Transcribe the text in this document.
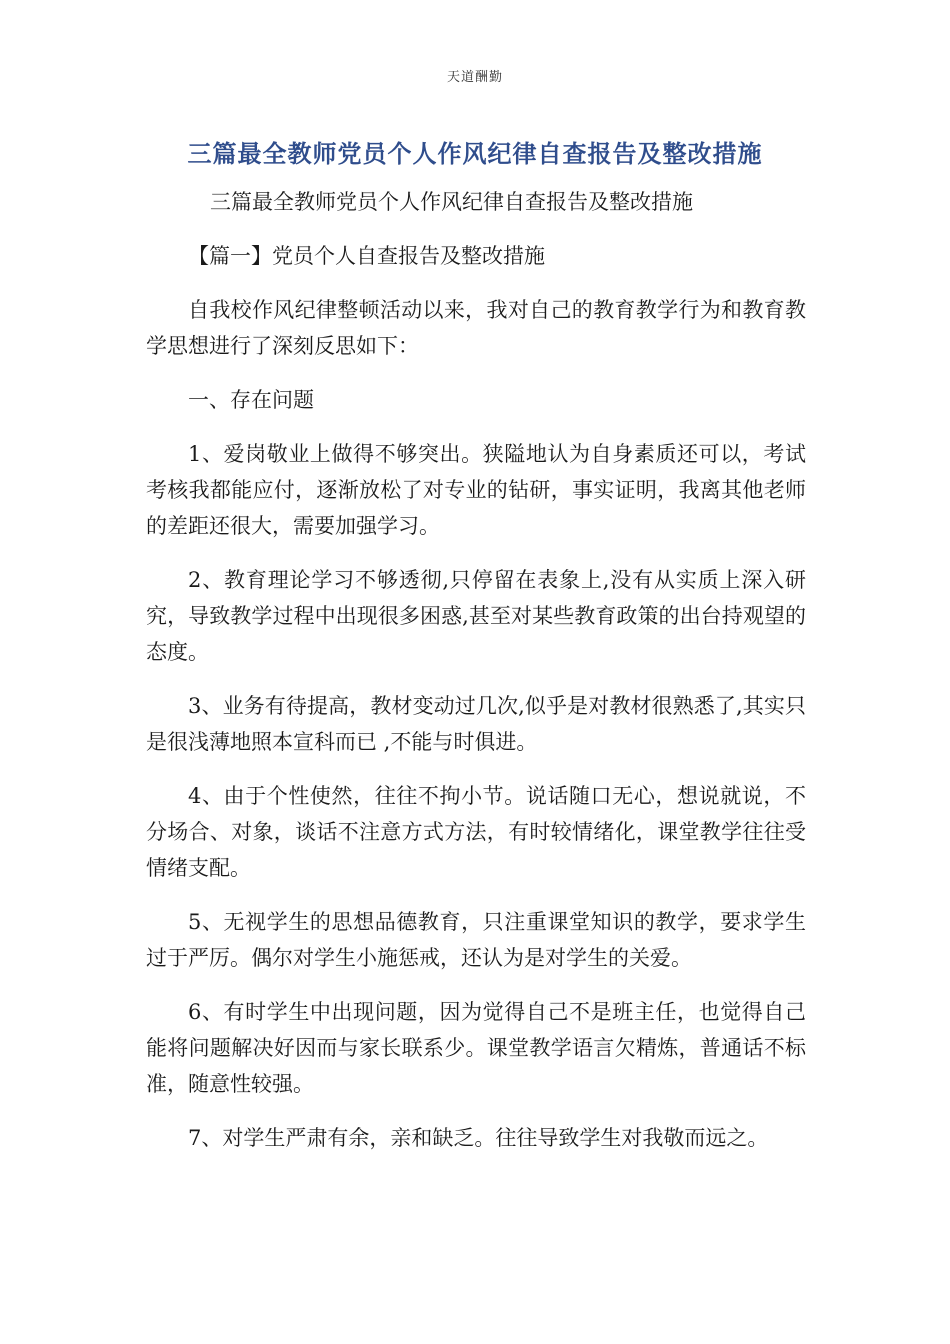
天道酬勤
三篇最全教师党员个人作风纪律自查报告及整改措施

三篇最全教师党员个人作风纪律自查报告及整改措施

【篇一】党员个人自查报告及整改措施

自我校作风纪律整顿活动以来，我对自己的教育教学行为和教育教学思想进行了深刻反思如下：

一、存在问题

1、爱岗敬业上做得不够突出。狭隘地认为自身素质还可以，考试考核我都能应付，逐渐放松了对专业的钻研，事实证明，我离其他老师的差距还很大，需要加强学习。

2、教育理论学习不够透彻,只停留在表象上,没有从实质上深入研究，导致教学过程中出现很多困惑,甚至对某些教育政策的出台持观望的态度。

3、业务有待提高，教材变动过几次,似乎是对教材很熟悉了,其实只是很浅薄地照本宣科而已 ,不能与时俱进。

4、由于个性使然，往往不拘小节。说话随口无心，想说就说，不分场合、对象，谈话不注意方式方法，有时较情绪化，课堂教学往往受情绪支配。

5、无视学生的思想品德教育，只注重课堂知识的教学，要求学生过于严厉。偶尔对学生小施惩戒，还认为是对学生的关爱。

6、有时学生中出现问题，因为觉得自己不是班主任，也觉得自己能将问题解决好因而与家长联系少。课堂教学语言欠精炼，普通话不标准，随意性较强。

7、对学生严肃有余，亲和缺乏。往往导致学生对我敬而远之。
